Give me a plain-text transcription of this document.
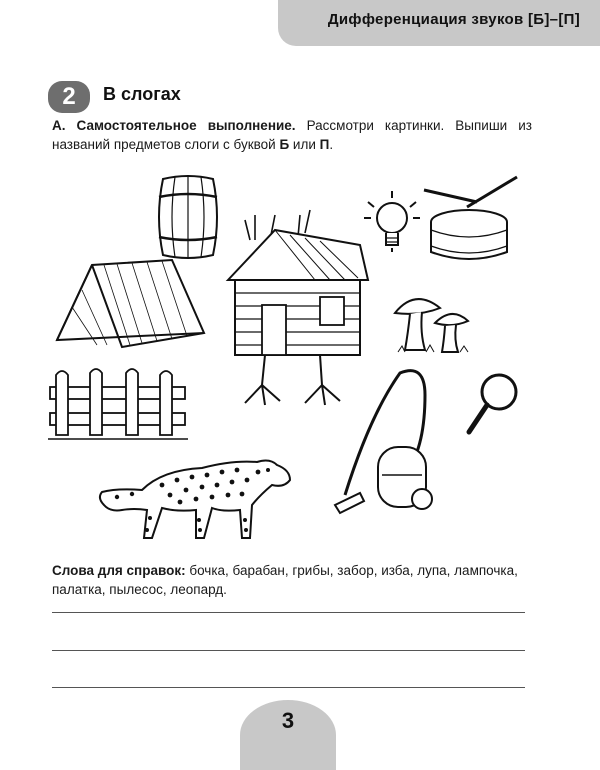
Дифференциация звуков [Б]–[П]
2	В слогах
А. Самостоятельное выполнение. Рассмотри картинки. Выпиши из названий предметов слоги с буквой Б или П.
Слова для справок: бочка, барабан, грибы, забор, изба, лупа, лампочка, палатка, пылесос, леопард.
3
